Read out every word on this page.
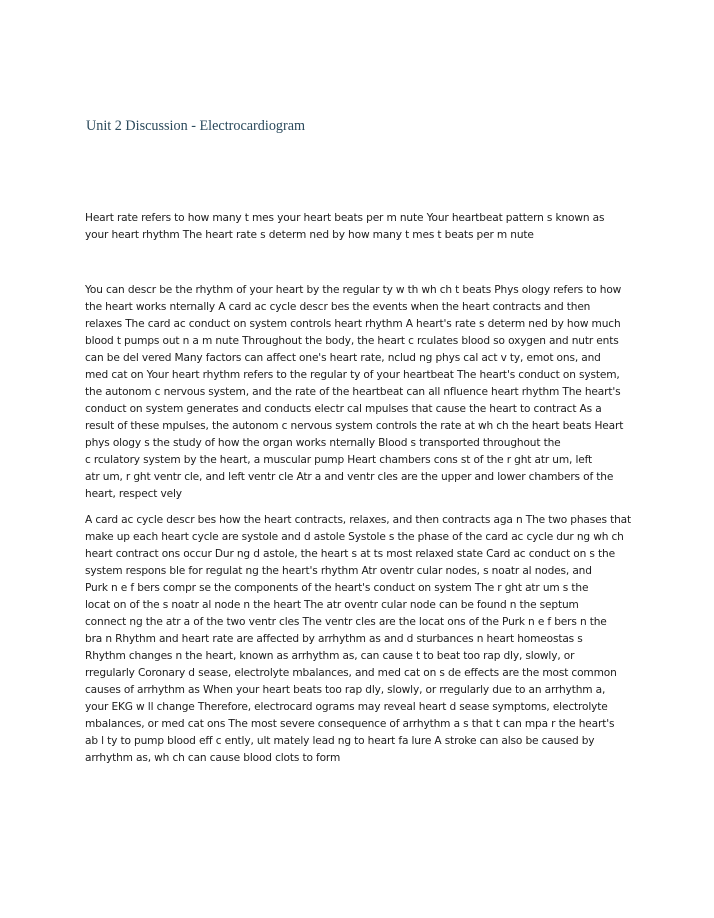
Unit 2 Discussion - Electrocardiogram

Heart rate refers to how many t mes your heart beats per m nute Your heartbeat pattern s known as

your heart rhythm The heart rate s determ ned by how many t mes t beats per m nute

You can descr be the rhythm of your heart by the regular ty w th wh ch t beats Phys ology refers to how

the heart works nternally A card ac cycle descr bes the events when the heart contracts and then

relaxes The card ac conduct on system controls heart rhythm A heart's rate s determ ned by how much

blood t pumps out n a m nute Throughout the body, the heart c rculates blood so oxygen and nutr ents

can be del vered Many factors can affect one's heart rate, nclud ng phys cal act v ty, emot ons, and

med cat on Your heart rhythm refers to the regular ty of your heartbeat The heart's conduct on system,

the autonom c nervous system, and the rate of the heartbeat can all nfluence heart rhythm The heart's

conduct on system generates and conducts electr cal mpulses that cause the heart to contract As a

result of these mpulses, the autonom c nervous system controls the rate at wh ch the heart beats Heart

phys ology s the study of how the organ works nternally Blood s transported throughout the

c rculatory system by the heart, a muscular pump Heart chambers cons st of the r ght atr um, left

atr um, r ght ventr cle, and left ventr cle Atr a and ventr cles are the upper and lower chambers of the

heart, respect vely

A card ac cycle descr bes how the heart contracts, relaxes, and then contracts aga n The two phases that

make up each heart cycle are systole and d astole Systole s the phase of the card ac cycle dur ng wh ch

heart contract ons occur Dur ng d astole, the heart s at ts most relaxed state Card ac conduct on s the

system respons ble for regulat ng the heart's rhythm Atr oventr cular nodes, s noatr al nodes, and

Purk n e f bers compr se the components of the heart's conduct on system The r ght atr um s the

locat on of the s noatr al node n the heart The atr oventr cular node can be found n the septum

connect ng the atr a of the two ventr cles The ventr cles are the locat ons of the Purk n e f bers n the

bra n Rhythm and heart rate are affected by arrhythm as and d sturbances n heart homeostas s

Rhythm changes n the heart, known as arrhythm as, can cause t to beat too rap dly, slowly, or

rregularly Coronary d sease, electrolyte mbalances, and med cat on s de effects are the most common

causes of arrhythm as When your heart beats too rap dly, slowly, or rregularly due to an arrhythm a,

your EKG w ll change Therefore, electrocard ograms may reveal heart d sease symptoms, electrolyte

mbalances, or med cat ons The most severe consequence of arrhythm a s that t can mpa r the heart's

ab l ty to pump blood eff c ently, ult mately lead ng to heart fa lure A stroke can also be caused by

arrhythm as, wh ch can cause blood clots to form
